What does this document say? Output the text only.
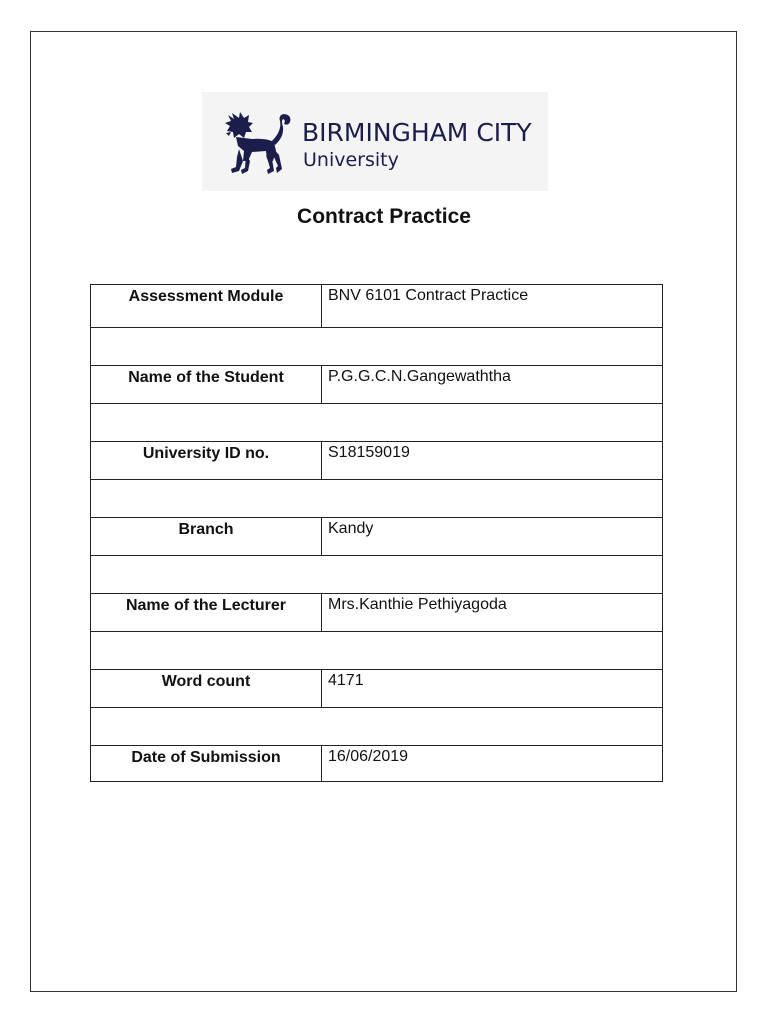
BIRMINGHAM CITY
University
Contract Practice
Assessment Module	BNV 6101 Contract Practice

Name of the Student	P.G.G.C.N.Gangewaththa

University ID no.	S18159019

Branch	Kandy

Name of the Lecturer	Mrs.Kanthie Pethiyagoda

Word count	4171

Date of Submission	16/06/2019
